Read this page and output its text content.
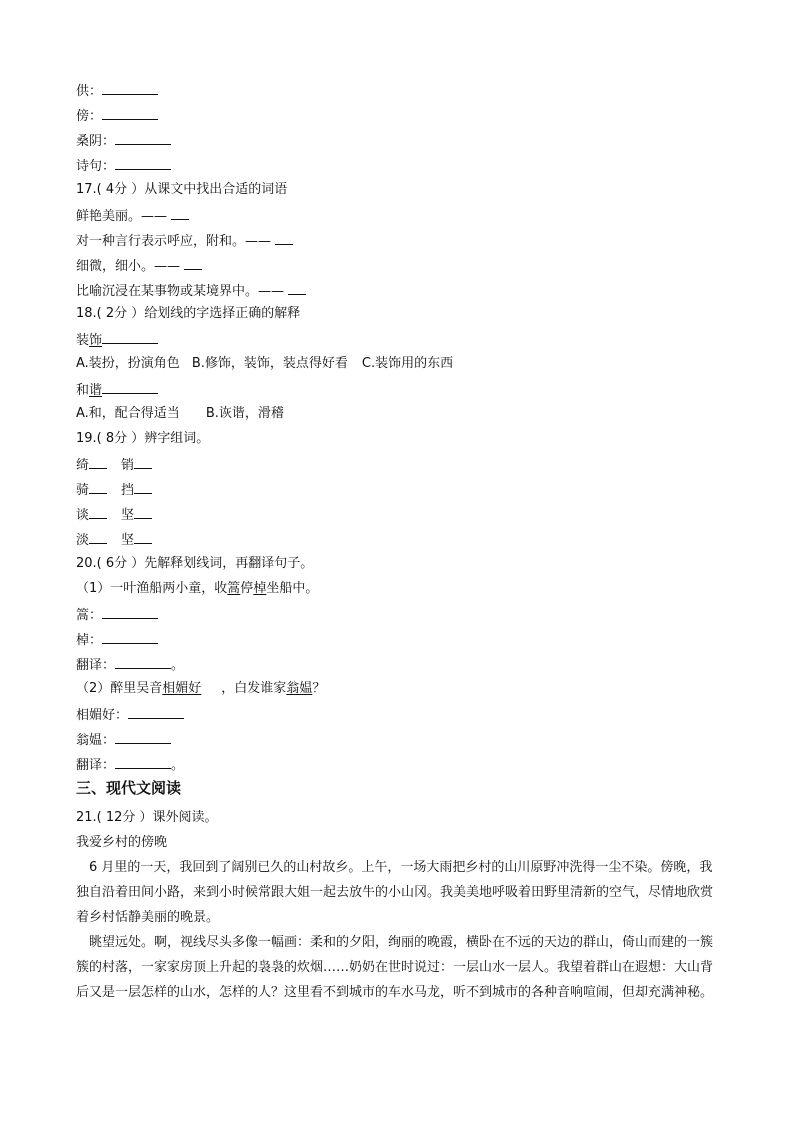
供：
傍：
桑阴：
诗句：
17.( 4分 ）从课文中找出合适的词语
鲜艳美丽。——
对一种言行表示呼应，附和。——
细微，细小。——
比喻沉浸在某事物或某境界中。——
18.( 2分 ）给划线的字选择正确的解释
装饰
A.装扮，扮演角色 B.修饰，装饰，装点得好看 C.装饰用的东西
和谐
A.和，配合得适当 B.诙谐，滑稽
19.( 8分 ）辨字组词。
绮 销
骑 挡
谈 坚
淡 坚
20.( 6分 ）先解释划线词，再翻译句子。
（1）一叶渔船两小童，收篙停棹坐船中。
篙：
棹：
翻译：	。
（2）醉里吴音相媚好 ，白发谁家翁媪？
相媚好：
翁媪：
翻译：	。
三、现代文阅读
21.( 12分 ）课外阅读。
我爱乡村的傍晚
6 月里的一天，我回到了阔别已久的山村故乡。上午，一场大雨把乡村的山川原野冲洗得一尘不染。傍晚，我独自沿着田间小路，来到小时候常跟大姐一起去放牛的小山冈。我美美地呼吸着田野里清新的空气，尽情地欣赏着乡村恬静美丽的晚景。
眺望远处。啊，视线尽头多像一幅画：柔和的夕阳，绚丽的晚霞，横卧在不远的天边的群山，倚山而建的一簇簇的村落，一家家房顶上升起的袅袅的炊烟……奶奶在世时说过：一层山水一层人。我望着群山在遐想：大山背后又是一层怎样的山水，怎样的人？这里看不到城市的车水马龙，听不到城市的各种音响喧闹，但却充满神秘。
